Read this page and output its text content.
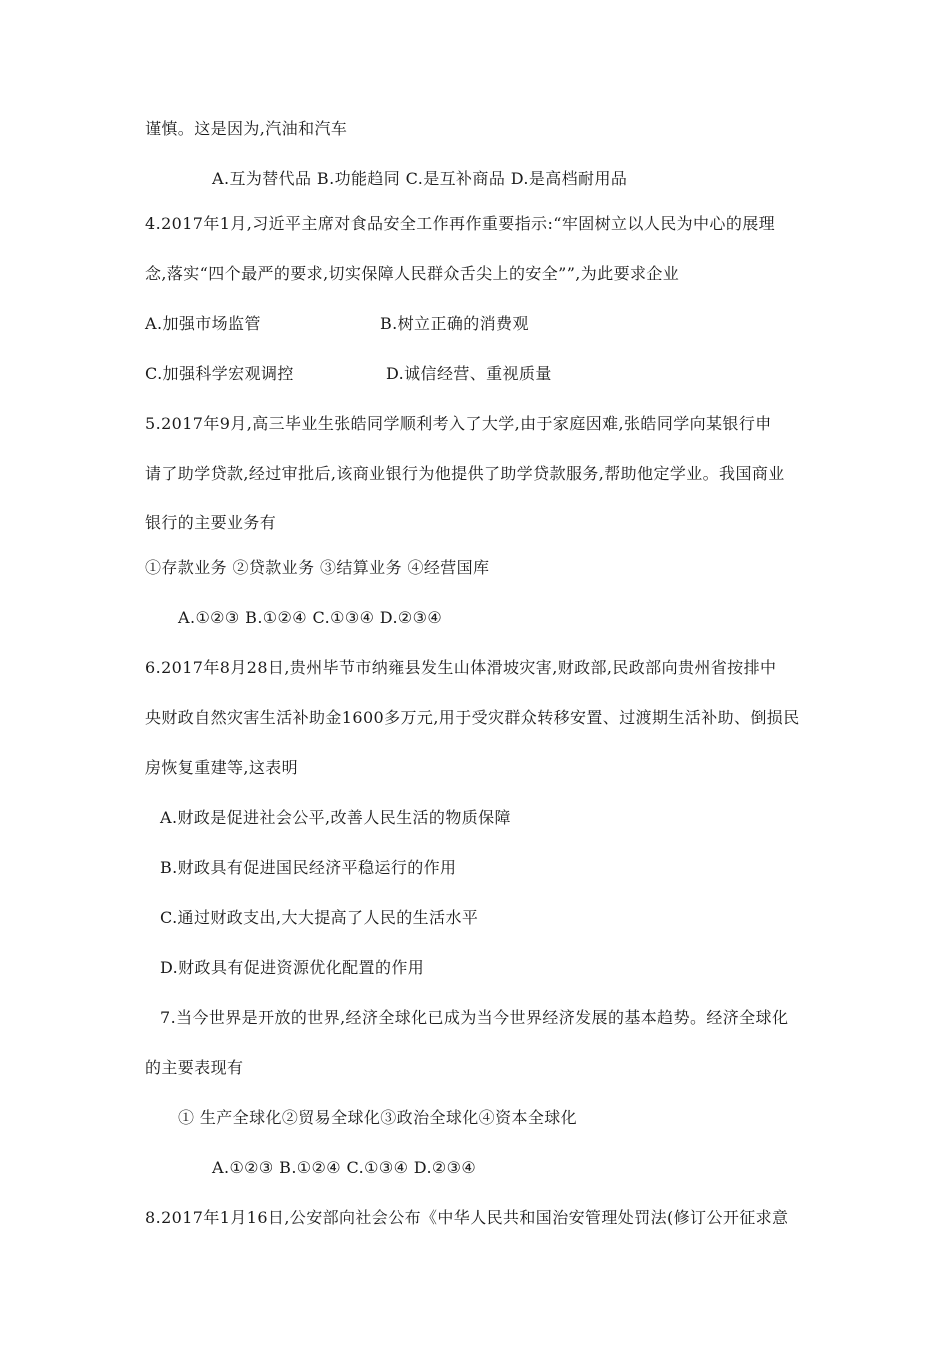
谨慎。这是因为,汽油和汽车
A.互为替代品 B.功能趋同 C.是互补商品 D.是高档耐用品
4.2017年1月,习近平主席对食品安全工作再作重要指示:“牢固树立以人民为中心的展理
念,落实“四个最严的要求,切实保障人民群众舌尖上的安全””,为此要求企业
A.加强市场监管	B.树立正确的消费观
C.加强科学宏观调控	D.诚信经营、重视质量
5.2017年9月,高三毕业生张皓同学顺利考入了大学,由于家庭因难,张皓同学向某银行申
请了助学贷款,经过审批后,该商业银行为他提供了助学贷款服务,帮助他定学业。我国商业
银行的主要业务有
①存款业务 ②贷款业务 ③结算业务 ④经营国库
A.①②③ B.①②④ C.①③④ D.②③④
6.2017年8月28日,贵州毕节市纳雍县发生山体滑坡灾害,财政部,民政部向贵州省按排中
央财政自然灾害生活补助金1600多万元,用于受灾群众转移安置、过渡期生活补助、倒损民
房恢复重建等,这表明
A.财政是促进社会公平,改善人民生活的物质保障
B.财政具有促进国民经济平稳运行的作用
C.通过财政支出,大大提高了人民的生活水平
D.财政具有促进资源优化配置的作用
7.当今世界是开放的世界,经济全球化已成为当今世界经济发展的基本趋势。经济全球化
的主要表现有
① 生产全球化②贸易全球化③政治全球化④资本全球化
A.①②③ B.①②④ C.①③④ D.②③④
8.2017年1月16日,公安部向社会公布《中华人民共和国治安管理处罚法(修订公开征求意
